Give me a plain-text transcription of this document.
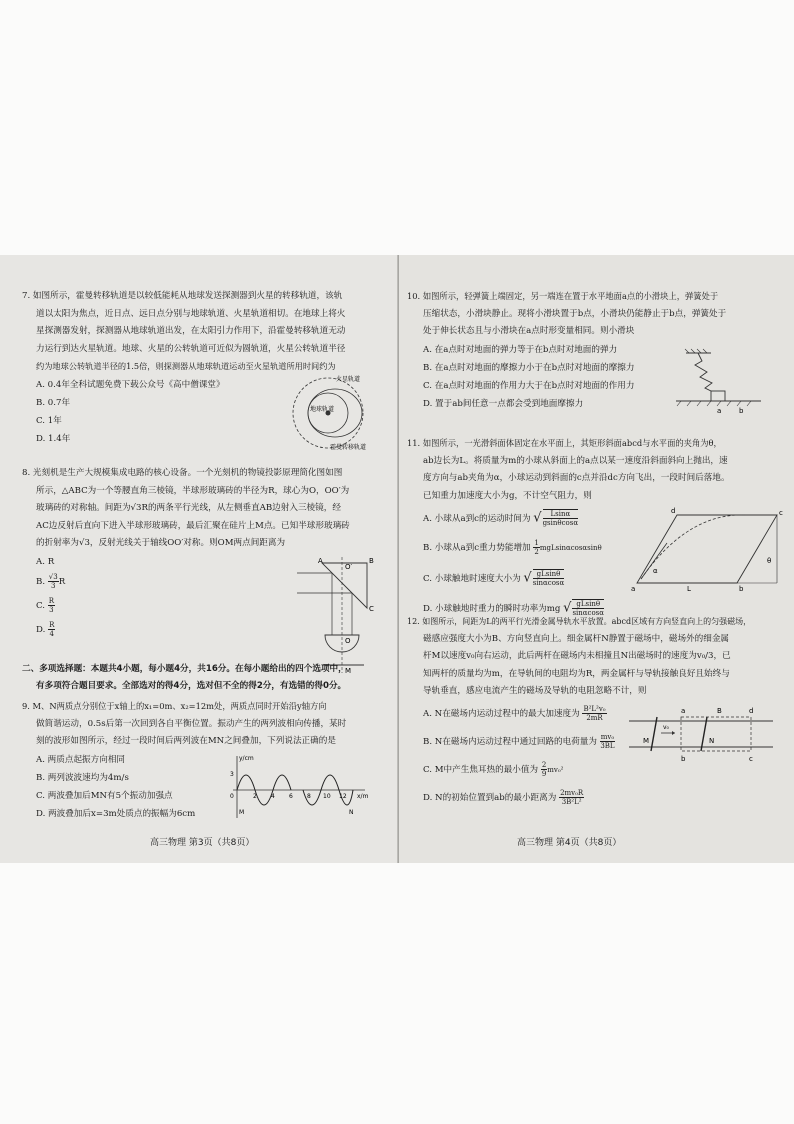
7. 如图所示，霍曼转移轨道是以较低能耗从地球发送探测器到火星的转移轨道，该轨

道以太阳为焦点，近日点、远日点分别与地球轨道、火星轨道相切。在地球上将火

星探测器发射，探测器从地球轨道出发，在太阳引力作用下，沿霍曼转移轨道无动

力运行到达火星轨道。地球、火星的公转轨道可近似为圆轨道，火星公转轨道半径

约为地球公转轨道半径的1.5倍，则探测器从地球轨道运动至火星轨道所用时间约为

A. 0.4年全科试题免费下载公众号《高中僧课堂》

B. 0.7年

C. 1年

D. 1.4年

火星轨道
地球轨道
霍曼转移轨道

8. 光刻机是生产大规模集成电路的核心设备。一个光刻机的物镜投影原理简化图如图

所示，△ABC为一个等腰直角三棱镜，半球形玻璃砖的半径为R，球心为O，OO′为

玻璃砖的对称轴。间距为√3R的两条平行光线，从左侧垂直AB边射入三棱镜，经

AC边反射后直向下进入半球形玻璃砖，最后汇聚在硅片上M点。已知半球形玻璃砖

的折射率为√3，反射光线关于轴线OO′对称。则OM两点间距离为

A. R
B. $\frac{√3}{3}$ R
C. $\frac{R}{3}$
D. $\frac{R}{4}$
A	B
C
O′
O
M

二、多项选择题：本题共4小题，每小题4分，共16分。在每小题给出的四个选项中，

有多项符合题目要求。全部选对的得4分，选对但不全的得2分，有选错的得0分。

9. M、N两质点分别位于x轴上的x₁=0m、x₂=12m处，两质点同时开始沿y轴方向

做简谐运动，0.5s后第一次回到各自平衡位置。振动产生的两列波相向传播，某时

刻的波形如图所示，经过一段时间后两列波在MN之间叠加，下列说法正确的是

A. 两质点起振方向相同

B. 两列波波速均为4m/s

C. 两波叠加后MN有5个振动加强点

D. 两波叠加后x=3m处质点的振幅为6cm

y/cm
3
0	2 4 6 8 10 12 x/m
M	N
高三物理 第3页（共8页）

10. 如图所示，轻弹簧上端固定，另一端连在置于水平地面a点的小滑块上，弹簧处于

压缩状态，小滑块静止。现将小滑块置于b点，小滑块仍能静止于b点，弹簧处于

处于伸长状态且与小滑块在a点时形变量相同。则小滑块

A. 在a点时对地面的弹力等于在b点时对地面的弹力

B. 在a点时对地面的摩擦力小于在b点时对地面的摩擦力

C. 在a点时对地面的作用力大于在b点时对地面的作用力

D. 置于ab间任意一点都会受到地面摩擦力

a	b

11. 如图所示，一光滑斜面体固定在水平面上，其矩形斜面abcd与水平面的夹角为θ，

ab边长为L。将质量为m的小球从斜面上的a点以某一速度沿斜面斜向上抛出，速

度方向与ab夹角为α，小球运动到斜面的c点并沿dc方向飞出，一段时间后落地。

已知重力加速度大小为g，不计空气阻力，则

A. 小球从a到c的运动时间为 √ $\frac{Lsin\alpha}{gsin\theta\cos\alpha}$
B. 小球从a到c重力势能增加 $\frac{1}{2}$ mgLsinαcosαsinθ
C. 小球触地时速度大小为 √ $\frac{gLsin\theta}{\sin\alpha\cos\alpha}$
D. 小球触地时重力的瞬时功率为mg √ $\frac{gLsin\theta}{\sin\alpha\cos\alpha}$
a	b
c
d
L
θ
α

12. 如图所示，间距为L的两平行光滑金属导轨水平放置。abcd区域有方向竖直向上的匀强磁场，

磁感应强度大小为B、方向竖直向上。细金属杆N静置于磁场中，磁场外的细金属

杆M以速度v₀向右运动，此后两杆在磁场内未相撞且N出磁场时的速度为v₀/3，已

知两杆的质量均为m，在导轨间的电阻均为R，两金属杆与导轨接触良好且始终与

导轨垂直，感应电流产生的磁场及导轨的电阻忽略不计，则

A. N在磁场内运动过程中的最大加速度为 $\frac{\text{B²L²v₀}}{2mR}$
B. N在磁场内运动过程中通过回路的电荷量为 $\frac{\text{mv₀}}{3BL}$
C. M中产生焦耳热的最小值为 $\frac{2}{9} mv_0^2$
D. N的初始位置到ab的最小距离为 $\frac{\text{2mv₀R}}{\text{3B²L²}}$
a
b	c
d
B
M	N
v₀
高三物理 第4页（共8页）
